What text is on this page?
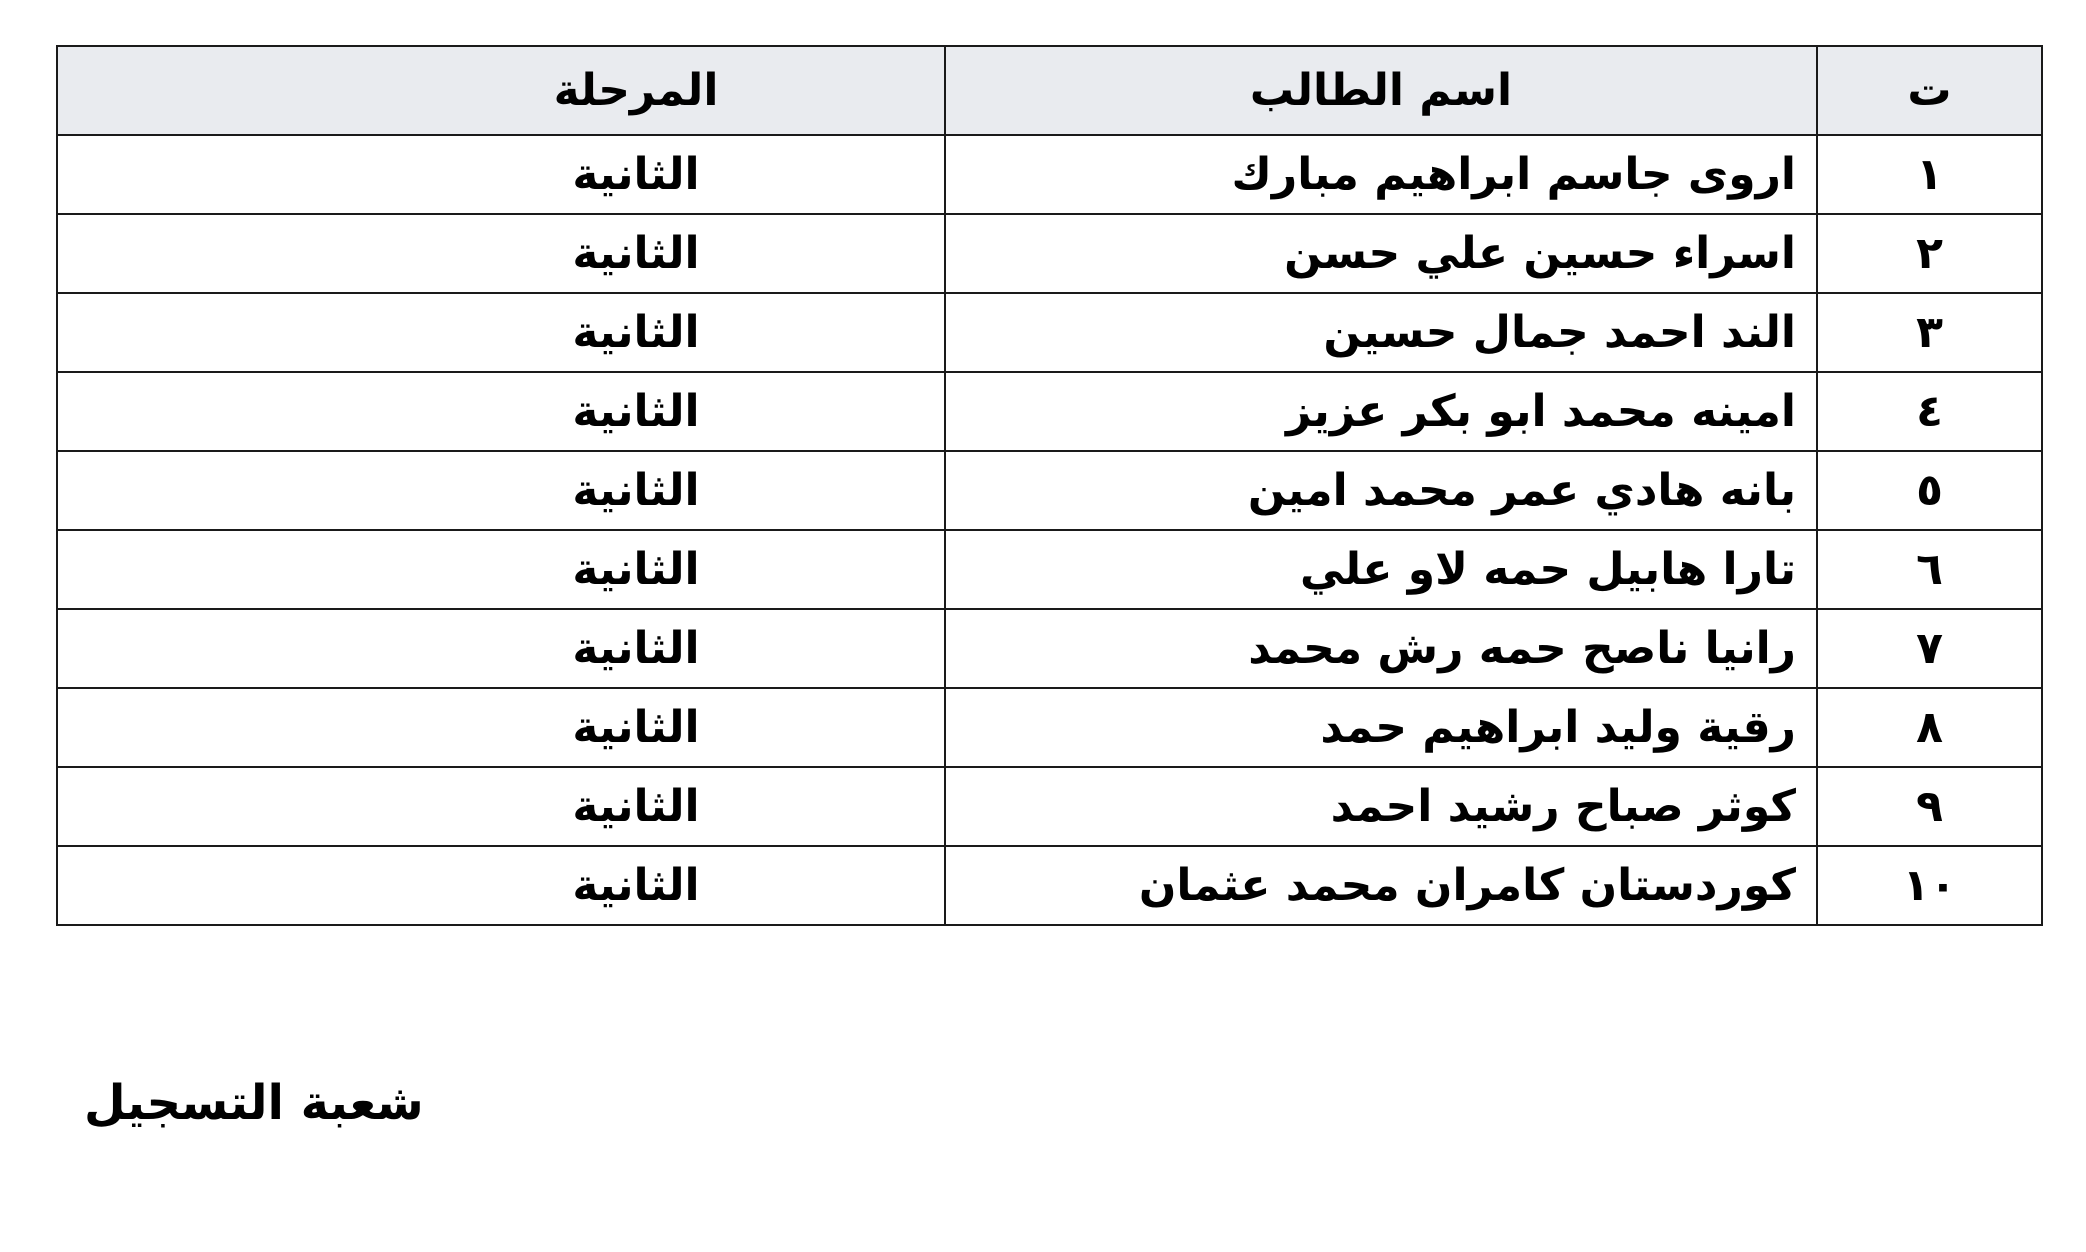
ت	اسم الطالب	المرحلة
١	اروى جاسم ابراهيم مبارك	الثانية
٢	اسراء حسين علي حسن	الثانية
٣	الند احمد جمال حسين	الثانية
٤	امينه محمد ابو بكر عزيز	الثانية
٥	بانه هادي عمر محمد امين	الثانية
٦	تارا هابيل حمه لاو علي	الثانية
٧	رانيا ناصح حمه رش محمد	الثانية
٨	رقية وليد ابراهيم حمد	الثانية
٩	كوثر صباح رشيد احمد	الثانية
١٠	كوردستان كامران محمد عثمان	الثانية
شعبة التسجيل
